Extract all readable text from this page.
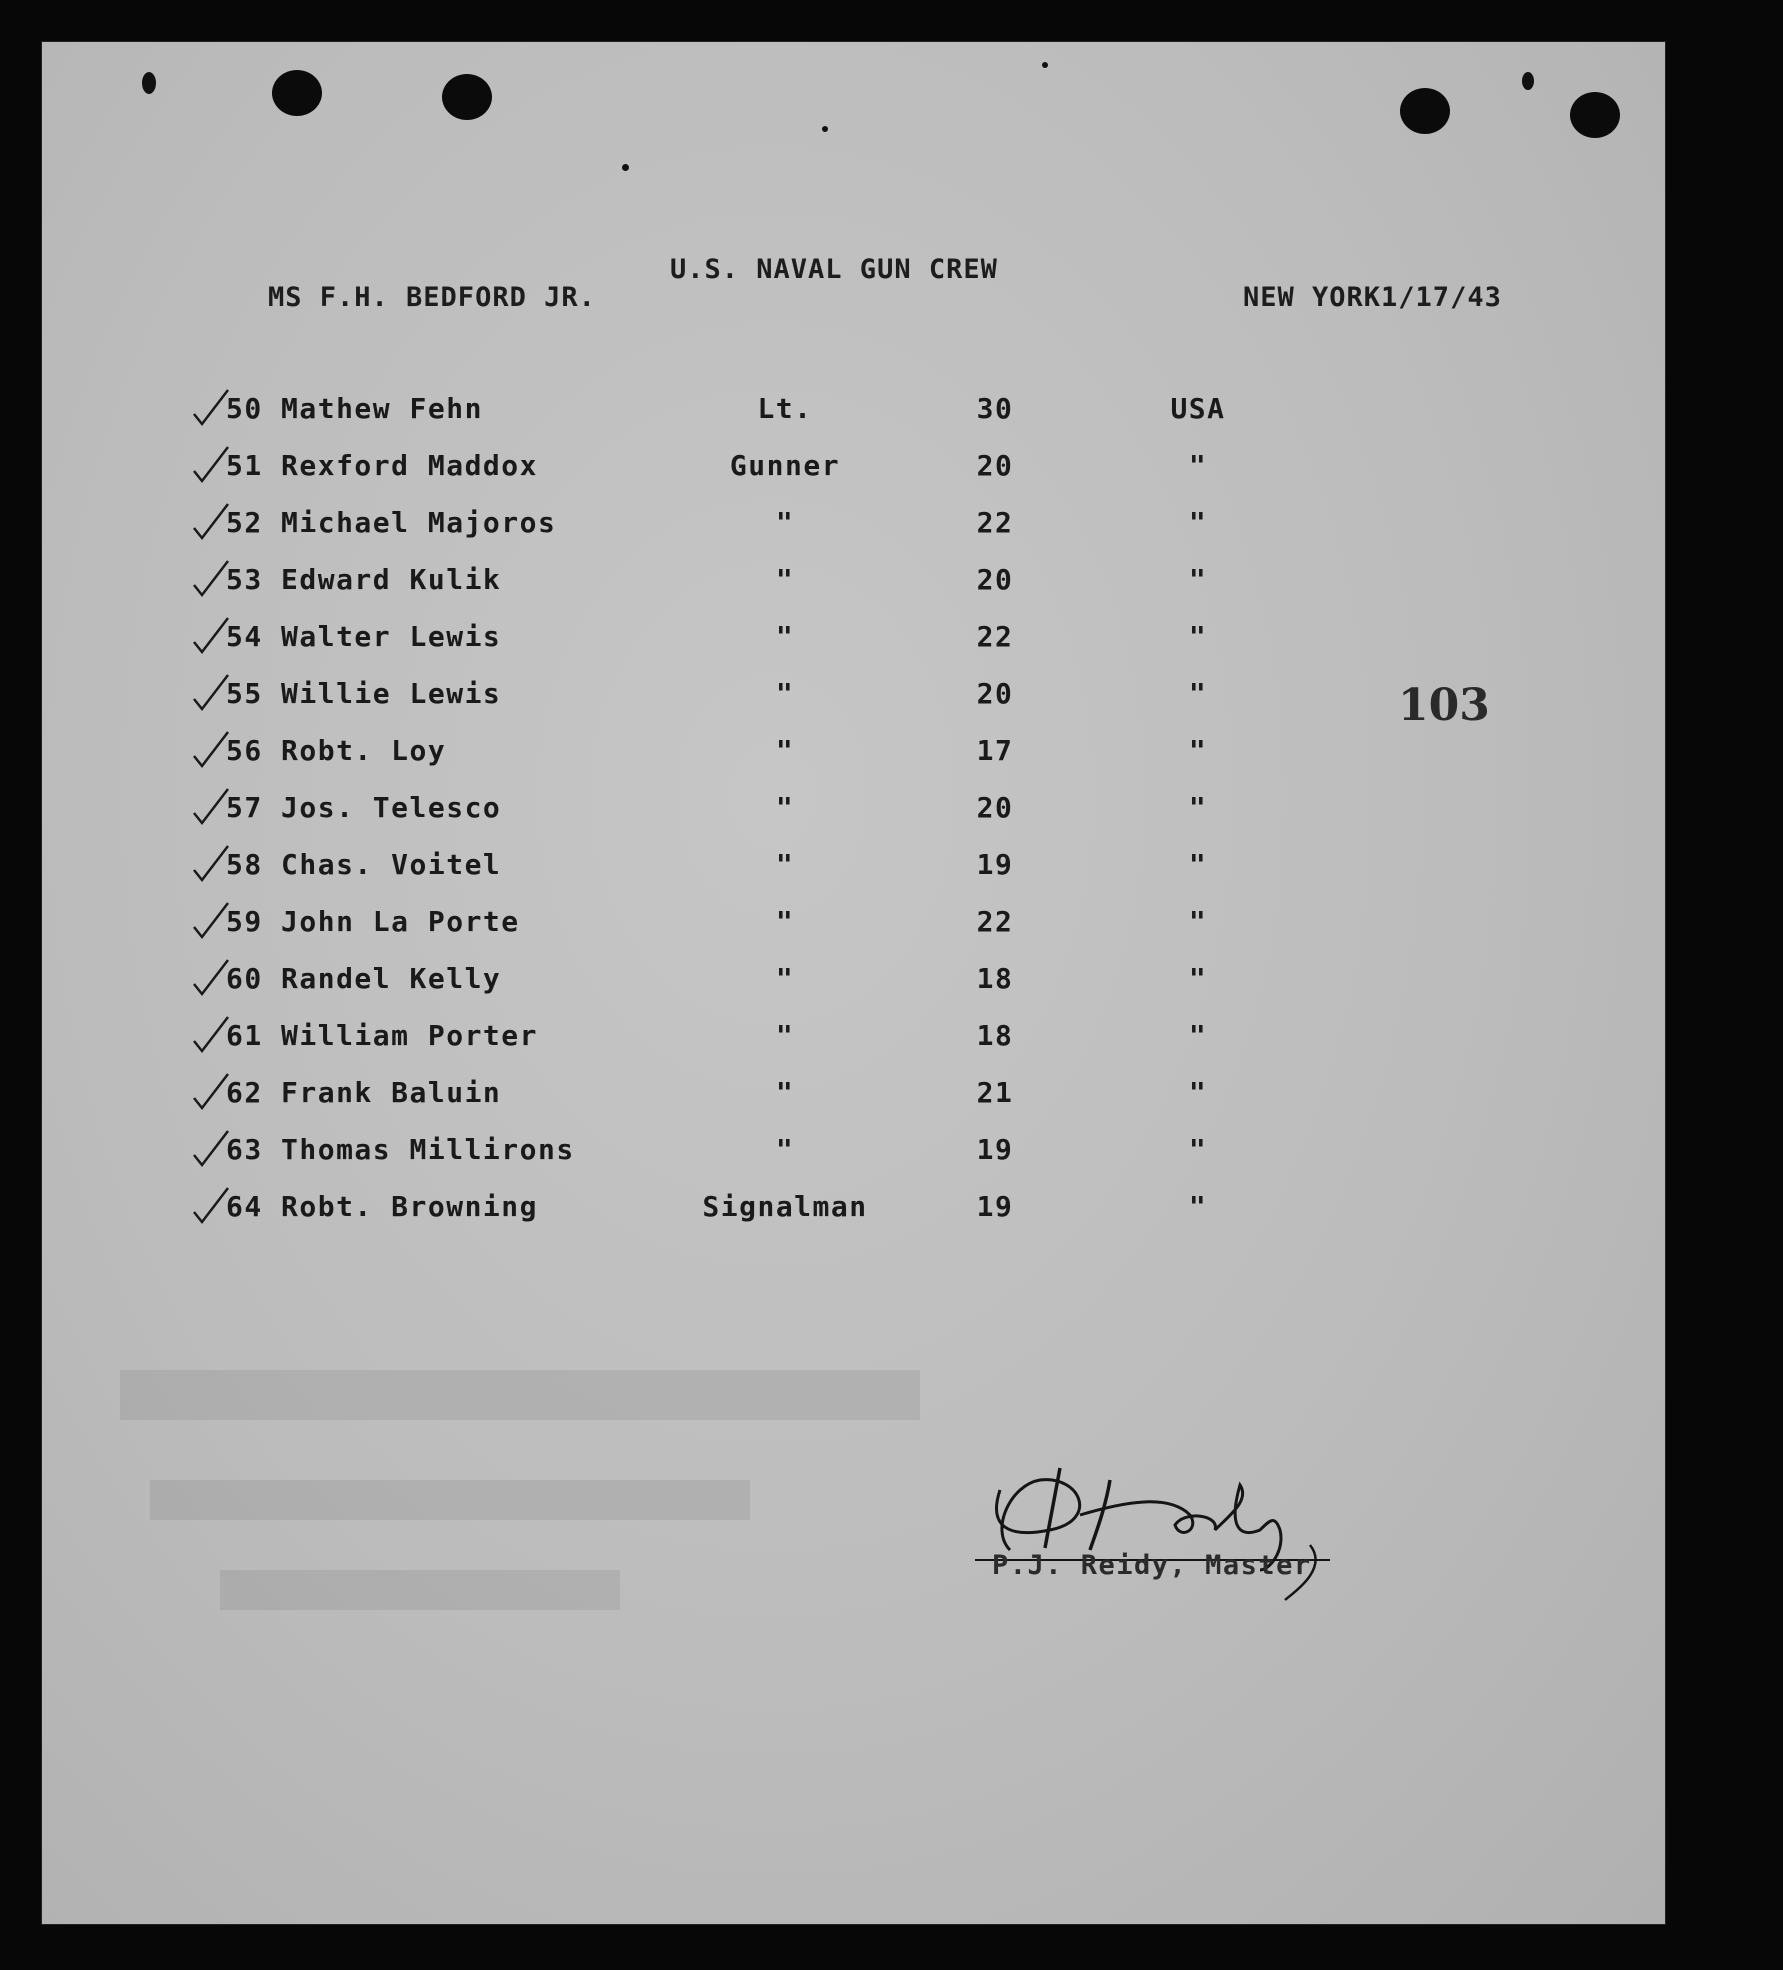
MS F.H. BEDFORD JR.
U.S. NAVAL GUN CREW
NEW YORK1/17/43
50 Mathew Fehn	Lt.	30	USA
51 Rexford Maddox	Gunner	20	"
52 Michael Majoros	"	22	"
53 Edward Kulik	"	20	"
54 Walter Lewis	"	22	"
55 Willie Lewis	"	20	"
56 Robt. Loy	"	17	"
57 Jos. Telesco	"	20	"
58 Chas. Voitel	"	19	"
59 John La Porte	"	22	"
60 Randel Kelly	"	18	"
61 William Porter	"	18	"
62 Frank Baluin	"	21	"
63 Thomas Millirons	"	19	"
64 Robt. Browning	Signalman	19	"
103
P.J. Reidy, Master
